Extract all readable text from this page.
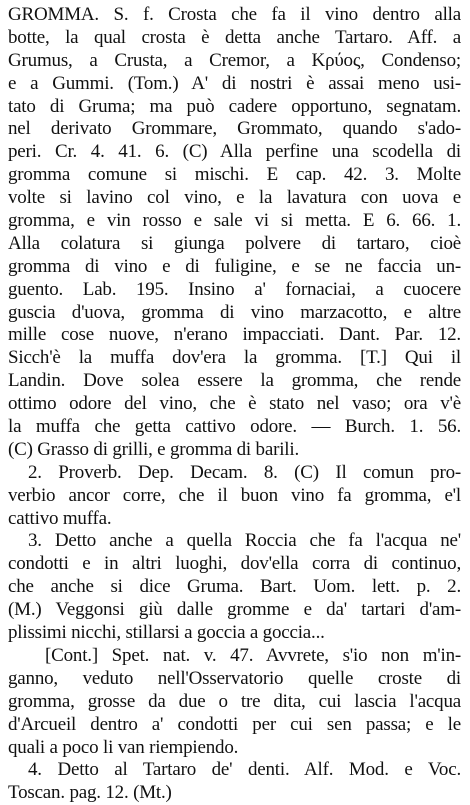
GROMMA. S. f. Crosta che fa il vino dentro alla
botte, la qual crosta è detta anche Tartaro. Aff. a
Grumus, a Crusta, a Cremor, a Κρύος, Condenso;
e a Gummi. (Tom.) A' di nostri è assai meno usi-
tato di Gruma; ma può cadere opportuno, segnatam.
nel derivato Grommare, Grommato, quando s'ado-
peri. Cr. 4. 41. 6. (C) Alla perfine una scodella di
gromma comune si mischi. E cap. 42. 3. Molte
volte si lavino col vino, e la lavatura con uova e
gromma, e vin rosso e sale vi si metta. E 6. 66. 1.
Alla colatura si giunga polvere di tartaro, cioè
gromma di vino e di fuligine, e se ne faccia un-
guento. Lab. 195. Insino a' fornaciai, a cuocere
guscia d'uova, gromma di vino marzacotto, e altre
mille cose nuove, n'erano impacciati. Dant. Par. 12.
Sicch'è la muffa dov'era la gromma. [T.] Qui il
Landin. Dove solea essere la gromma, che rende
ottimo odore del vino, che è stato nel vaso; ora v'è
la muffa che getta cattivo odore. — Burch. 1. 56.
(C) Grasso di grilli, e gromma di barili.
2. Proverb. Dep. Decam. 8. (C) Il comun pro-
verbio ancor corre, che il buon vino fa gromma, e'l
cattivo muffa.
3. Detto anche a quella Roccia che fa l'acqua ne'
condotti e in altri luoghi, dov'ella corra di continuo,
che anche si dice Gruma. Bart. Uom. lett. p. 2.
(M.) Veggonsi giù dalle gromme e da' tartari d'am-
plissimi nicchi, stillarsi a goccia a goccia...
[Cont.] Spet. nat. v. 47. Avvrete, s'io non m'in-
ganno, veduto nell'Osservatorio quelle croste di
gromma, grosse da due o tre dita, cui lascia l'acqua
d'Arcueil dentro a' condotti per cui sen passa; e le
quali a poco li van riempiendo.
4. Detto al Tartaro de' denti. Alf. Mod. e Voc.
Toscan. pag. 12. (Mt.)
